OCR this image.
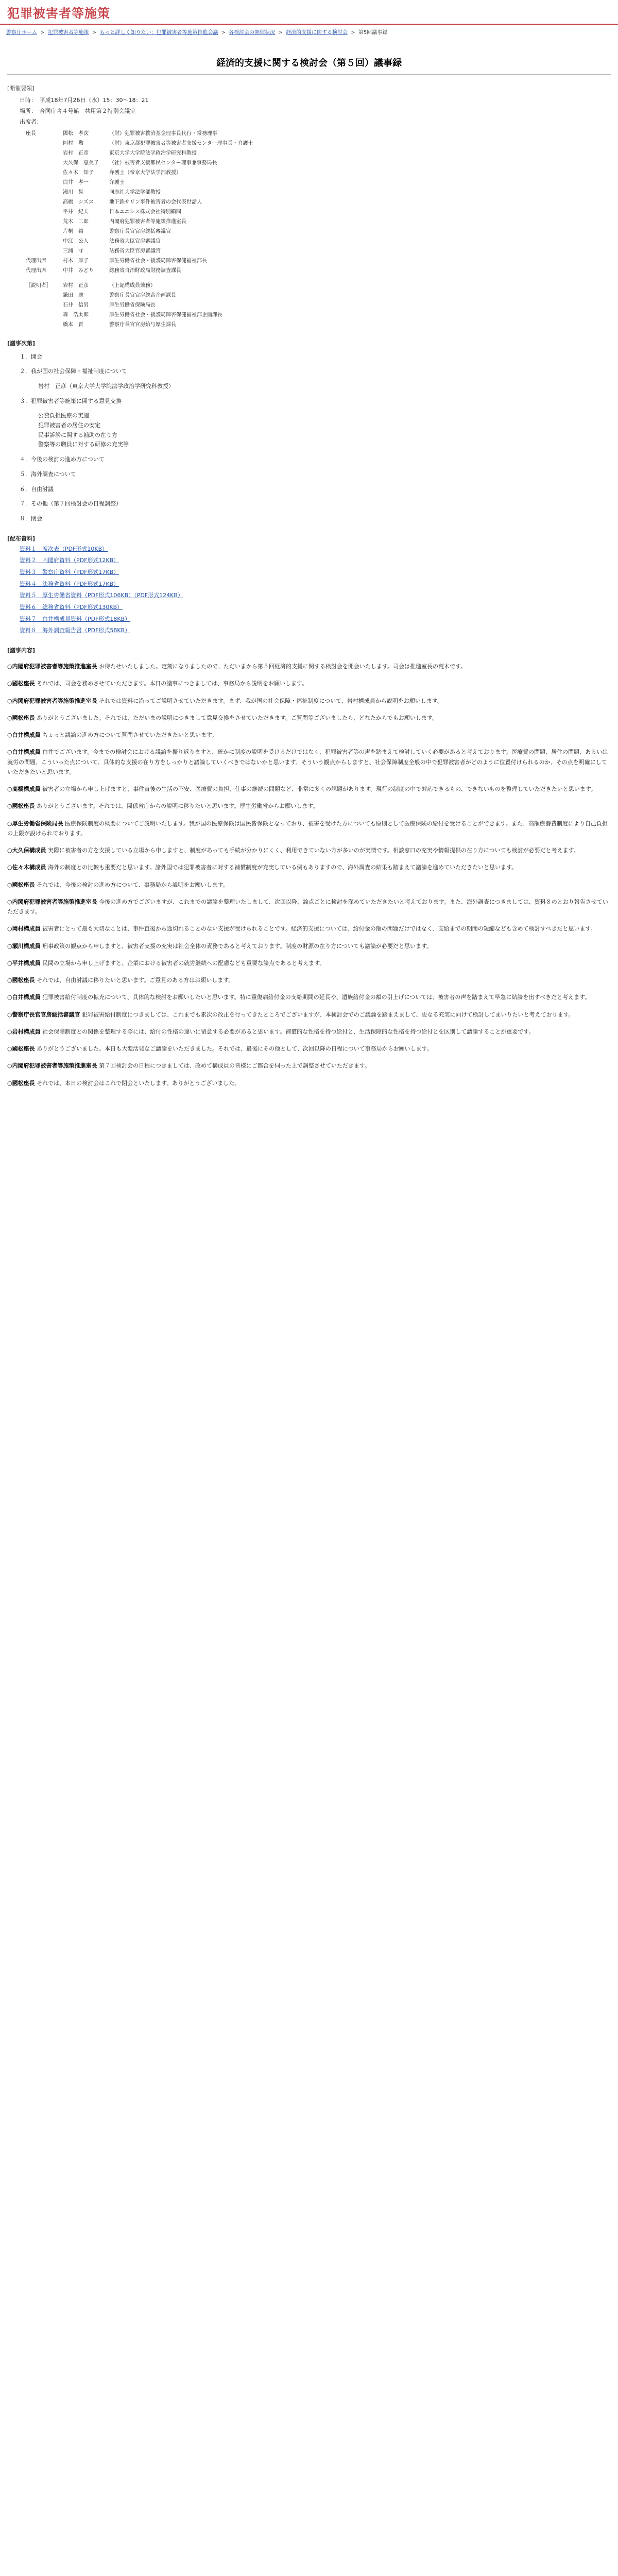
犯罪被害者等施策
警察庁ホーム > 犯罪被害者等施策 > もっと詳しく知りたい：犯罪被害者等施策推進会議 > 各検討会の開催状況 > 経済的支援に関する検討会 > 第5回議事録
経済的支援に関する検討会（第５回）議事録
[開催要領]
日時：　平成18年7月26日（水）15：30～18：21
場所：　合同庁舎４号館　共用第２特別会議室
出席者：
座長	國松　孝次	（財）犯罪被害救済基金理事長代行・常務理事
	岡村　勲	（財）東京都犯罪被害者等被害者支援センター理事長・弁護士
	岩村　正彦	東京大学大学院法学政治学研究科教授
	大久保　恵美子	（社）被害者支援都民センター理事兼事務局長
	佐々木　知子	弁護士（帝京大学法学部教授）
	白井　孝一	弁護士
	瀬川　晃	同志社大学法学部教授
	高橋　シズヱ	地下鉄サリン事件被害者の会代表世話人
	平井　紀夫	日本ユニシス株式会社特別顧問
	荒木　二郎	内閣府犯罪被害者等施策推進室長
	片桐　裕	警察庁長官官房総括審議官
	中江　公人	法務省大臣官房審議官
	三浦　守	法務省大臣官房審議官
代理出席	村木　厚子	厚生労働省社会・援護局障害保健福祉部長
代理出席	中井　みどり	総務省自治財政局財務調査課長
［説明者］	岩村　正彦	（上記構成員兼務）
	鎌田　聡	警察庁長官官房総合企画課長
	石井　信男	厚生労働省保険局長
	森　浩太郎	厚生労働省社会・援護局障害保健福祉部企画課長
	橋本　晋	警察庁長官官房給与厚生課長
[議事次第]
１．開会
２．我が国の社会保障・福祉制度について
　　岩村　正彦（東京大学大学院法学政治学研究科教授）
３．犯罪被害者等施策に関する意見交換
　　公費負担医療の実施
　　犯罪被害者の居住の安定
　　民事訴訟に関する補助の在り方
　　警察等の職員に対する研修の充実等
４．今後の検討の進め方について
５．海外調査について
６．自由討議
７．その他（第７回検討会の日程調整）
８．閉会
[配布資料]
資料１　席次表（PDF形式10KB）
資料２　内閣府資料（PDF形式12KB）
資料３　警察庁資料（PDF形式17KB）
資料４　法務省資料（PDF形式17KB）
資料５　厚生労働省資料（PDF形式106KB）（PDF形式124KB）
資料６　総務省資料（PDF形式130KB）
資料７　白井構成員資料（PDF形式18KB）
資料８　海外調査報告書（PDF形式58KB）
[議事内容]
○内閣府犯罪被害者等施策推進室長 お待たせいたしました。定刻になりましたので、ただいまから第５回経済的支援に関する検討会を開会いたします。司会は推進室長の荒木です。
○國松座長 それでは、司会を務めさせていただきます。本日の議事につきましては、事務局から説明をお願いします。
○内閣府犯罪被害者等施策推進室長 それでは資料に沿ってご説明させていただきます。まず、我が国の社会保障・福祉制度について、岩村構成員から説明をお願いします。
○國松座長 ありがとうございました。それでは、ただいまの説明につきまして意見交換をさせていただきます。ご質問等ございましたら、どなたからでもお願いします。
○白井構成員 ちょっと議論の進め方について質問させていただきたいと思います。
○白井構成員 白井でございます。今までの検討会における議論を振り返りますと、確かに制度の説明を受けるだけではなく、犯罪被害者等の声を踏まえて検討していく必要があると考えております。医療費の問題、居住の問題、あるいは就労の問題、こういった点について、具体的な支援の在り方をしっかりと議論していくべきではないかと思います。そういう観点からしますと、社会保障制度全般の中で犯罪被害者がどのように位置付けられるのか、その点を明確にしていただきたいと思います。
○高橋構成員 被害者の立場から申し上げますと、事件直後の生活の不安、医療費の負担、仕事の継続の問題など、非常に多くの課題があります。現行の制度の中で対応できるもの、できないものを整理していただきたいと思います。
○國松座長 ありがとうございます。それでは、関係省庁からの説明に移りたいと思います。厚生労働省からお願いします。
○厚生労働省保険局長 医療保険制度の概要についてご説明いたします。我が国の医療保険は国民皆保険となっており、被害を受けた方についても原則として医療保険の給付を受けることができます。また、高額療養費制度により自己負担の上限が設けられております。
○大久保構成員 実際に被害者の方を支援している立場から申しますと、制度があっても手続が分かりにくく、利用できていない方が多いのが実情です。相談窓口の充実や情報提供の在り方についても検討が必要だと考えます。
○佐々木構成員 海外の制度との比較も重要だと思います。諸外国では犯罪被害者に対する補償制度が充実している例もありますので、海外調査の結果も踏まえて議論を進めていただきたいと思います。
○國松座長 それでは、今後の検討の進め方について、事務局から説明をお願いします。
○内閣府犯罪被害者等施策推進室長 今後の進め方でございますが、これまでの議論を整理いたしまして、次回以降、論点ごとに検討を深めていただきたいと考えております。また、海外調査につきましては、資料８のとおり報告させていただきます。
○岡村構成員 被害者にとって最も大切なことは、事件直後から途切れることのない支援が受けられることです。経済的支援については、給付金の額の問題だけではなく、支給までの期間の短縮なども含めて検討すべきだと思います。
○瀬川構成員 刑事政策の観点から申しますと、被害者支援の充実は社会全体の責務であると考えております。制度の財源の在り方についても議論が必要だと思います。
○平井構成員 民間の立場から申し上げますと、企業における被害者の就労継続への配慮なども重要な論点であると考えます。
○國松座長 それでは、自由討議に移りたいと思います。ご意見のある方はお願いします。
○白井構成員 犯罪被害給付制度の拡充について、具体的な検討をお願いしたいと思います。特に重傷病給付金の支給期間の延長や、遺族給付金の額の引上げについては、被害者の声を踏まえて早急に結論を出すべきだと考えます。
○警察庁長官官房総括審議官 犯罪被害給付制度につきましては、これまでも累次の改正を行ってきたところでございますが、本検討会でのご議論を踏まえまして、更なる充実に向けて検討してまいりたいと考えております。
○岩村構成員 社会保障制度との関係を整理する際には、給付の性格の違いに留意する必要があると思います。補償的な性格を持つ給付と、生活保障的な性格を持つ給付とを区別して議論することが重要です。
○國松座長 ありがとうございました。本日も大変活発なご議論をいただきました。それでは、最後にその他として、次回以降の日程について事務局からお願いします。
○内閣府犯罪被害者等施策推進室長 第７回検討会の日程につきましては、改めて構成員の皆様にご都合を伺った上で調整させていただきます。
○國松座長 それでは、本日の検討会はこれで閉会といたします。ありがとうございました。
